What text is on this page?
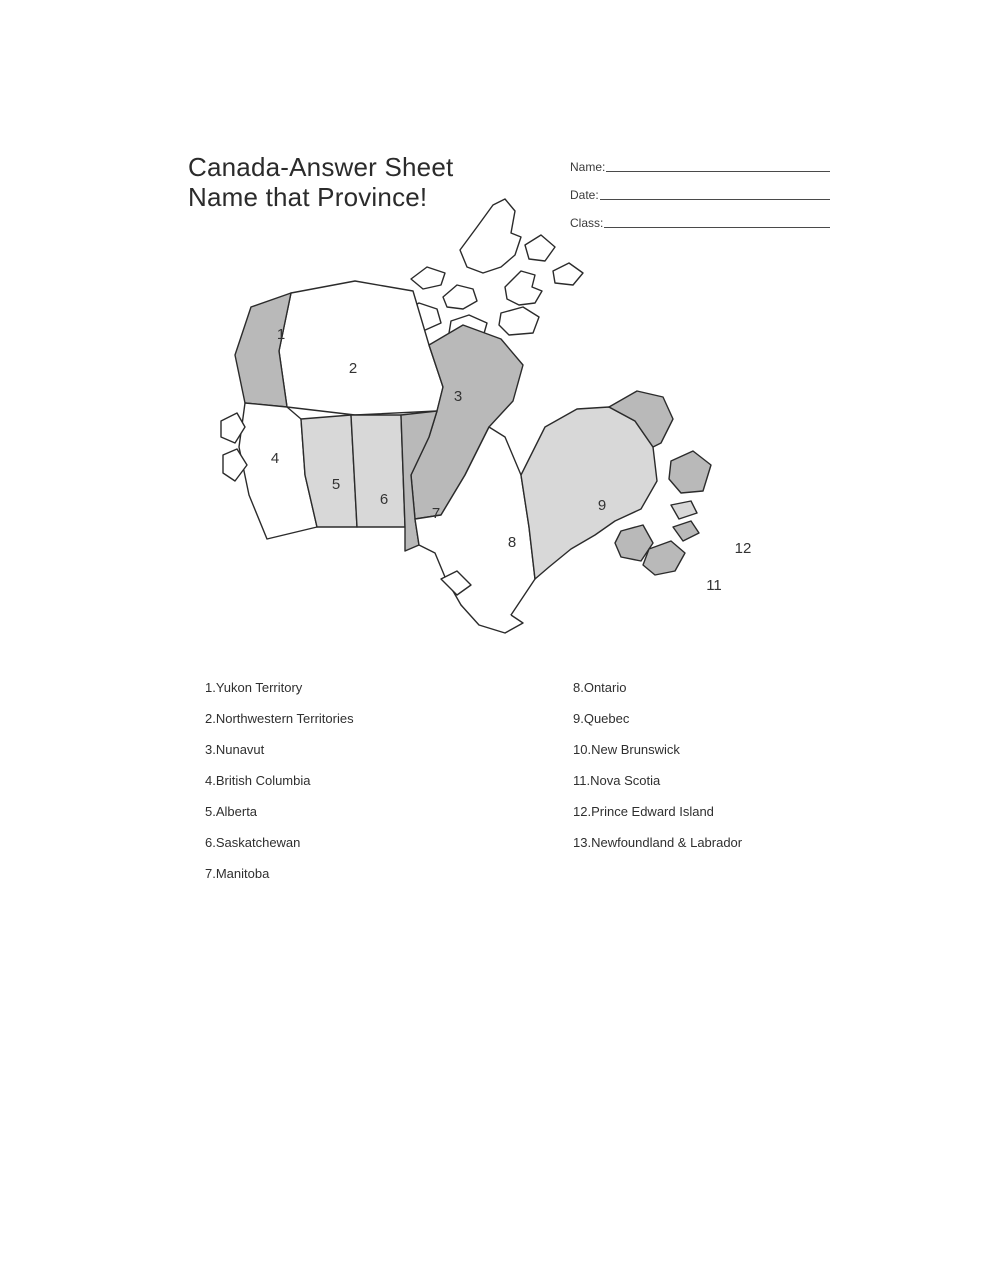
Canada-Answer Sheet
Name that Province!
Name:
Date:
Class:
1
2
3
4
5
6
7
8
9
11
12
1.Yukon Territory
2.Northwestern Territories
3.Nunavut
4.British Columbia
5.Alberta
6.Saskatchewan
7.Manitoba
8.Ontario
9.Quebec
10.New Brunswick
11.Nova Scotia
12.Prince Edward Island
13.Newfoundland & Labrador
